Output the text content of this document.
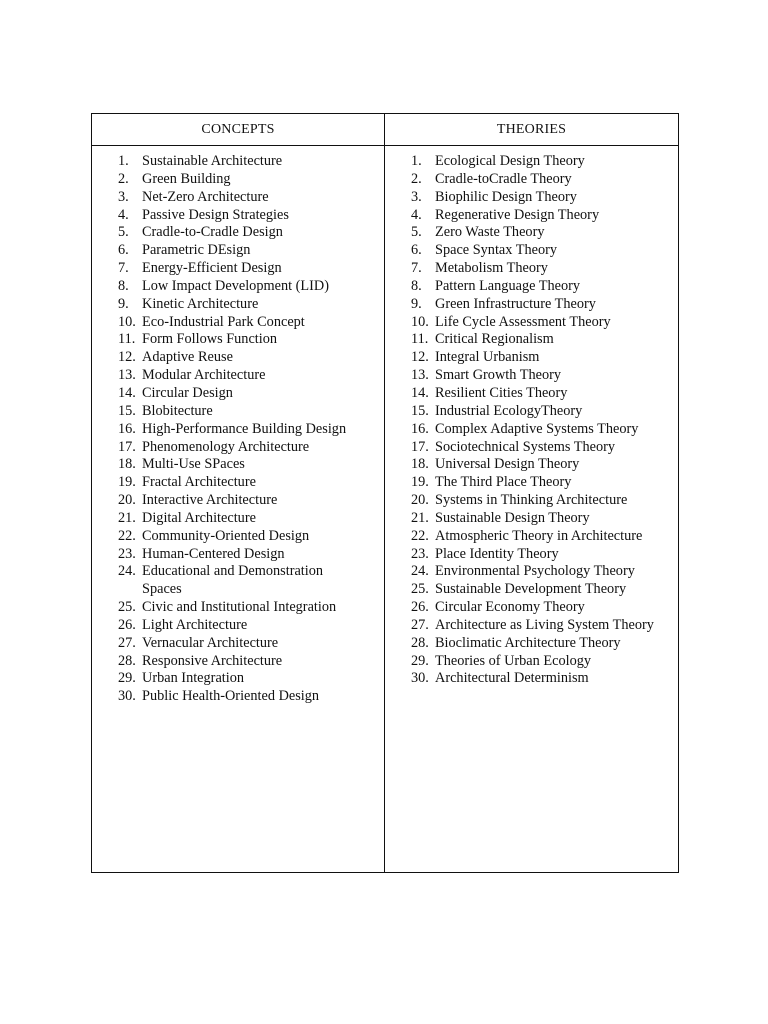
CONCEPTS
1. Sustainable Architecture
2. Green Building
3. Net-Zero Architecture
4. Passive Design Strategies
5. Cradle-to-Cradle Design
6. Parametric DEsign
7. Energy-Efficient Design
8. Low Impact Development (LID)
9. Kinetic Architecture
10. Eco-Industrial Park Concept
11. Form Follows Function
12. Adaptive Reuse
13. Modular Architecture
14. Circular Design
15. Blobitecture
16. High-Performance Building Design
17. Phenomenology Architecture
18. Multi-Use SPaces
19. Fractal Architecture
20. Interactive Architecture
21. Digital Architecture
22. Community-Oriented Design
23. Human-Centered Design
24. Educational and Demonstration Spaces
25. Civic and Institutional Integration
26. Light Architecture
27. Vernacular Architecture
28. Responsive Architecture
29. Urban Integration
30. Public Health-Oriented Design
THEORIES
1. Ecological Design Theory
2. Cradle-toCradle Theory
3. Biophilic Design Theory
4. Regenerative Design Theory
5. Zero Waste Theory
6. Space Syntax Theory
7. Metabolism Theory
8. Pattern Language Theory
9. Green Infrastructure Theory
10. Life Cycle Assessment Theory
11. Critical Regionalism
12. Integral Urbanism
13. Smart Growth Theory
14. Resilient Cities Theory
15. Industrial EcologyTheory
16. Complex Adaptive Systems Theory
17. Sociotechnical Systems Theory
18. Universal Design Theory
19. The Third Place Theory
20. Systems in Thinking Architecture
21. Sustainable Design Theory
22. Atmospheric Theory in Architecture
23. Place Identity Theory
24. Environmental Psychology Theory
25. Sustainable Development Theory
26. Circular Economy Theory
27. Architecture as Living System Theory
28. Bioclimatic Architecture Theory
29. Theories of Urban Ecology
30. Architectural Determinism
